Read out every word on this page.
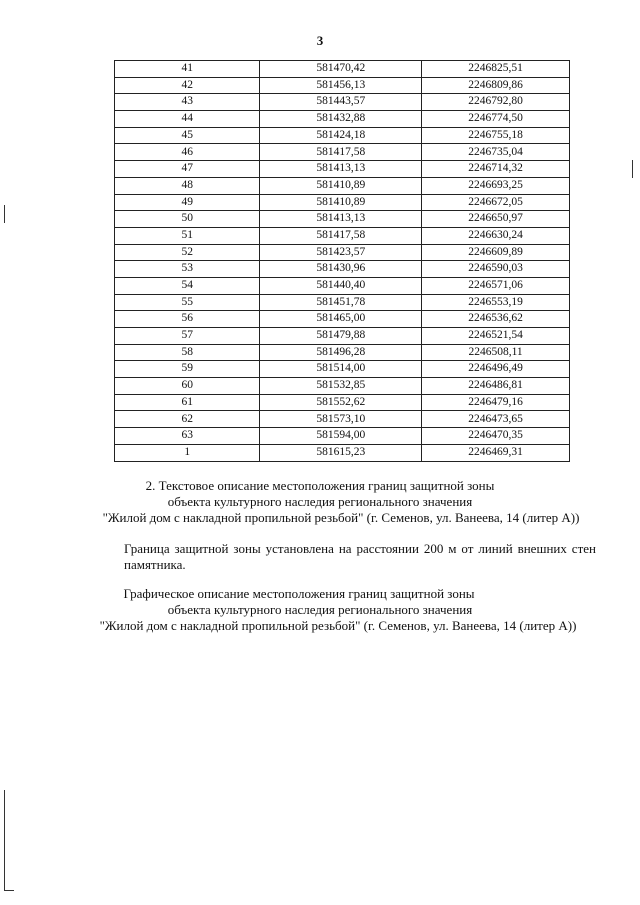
3
41	581470,42	2246825,51
42	581456,13	2246809,86
43	581443,57	2246792,80
44	581432,88	2246774,50
45	581424,18	2246755,18
46	581417,58	2246735,04
47	581413,13	2246714,32
48	581410,89	2246693,25
49	581410,89	2246672,05
50	581413,13	2246650,97
51	581417,58	2246630,24
52	581423,57	2246609,89
53	581430,96	2246590,03
54	581440,40	2246571,06
55	581451,78	2246553,19
56	581465,00	2246536,62
57	581479,88	2246521,54
58	581496,28	2246508,11
59	581514,00	2246496,49
60	581532,85	2246486,81
61	581552,62	2246479,16
62	581573,10	2246473,65
63	581594,00	2246470,35
1	581615,23	2246469,31

2. Текстовое описание местоположения границ защитной зоны

объекта культурного наследия регионального значения

"Жилой дом с накладной пропильной резьбой" (г. Семенов, ул. Ванеева, 14 (литер А))

Граница защитной зоны установлена на расстоянии 200 м от линий внешних стен памятника.

Графическое описание местоположения границ защитной зоны

объекта культурного наследия регионального значения

"Жилой дом с накладной пропильной резьбой" (г. Семенов, ул. Ванеева, 14 (литер А))
